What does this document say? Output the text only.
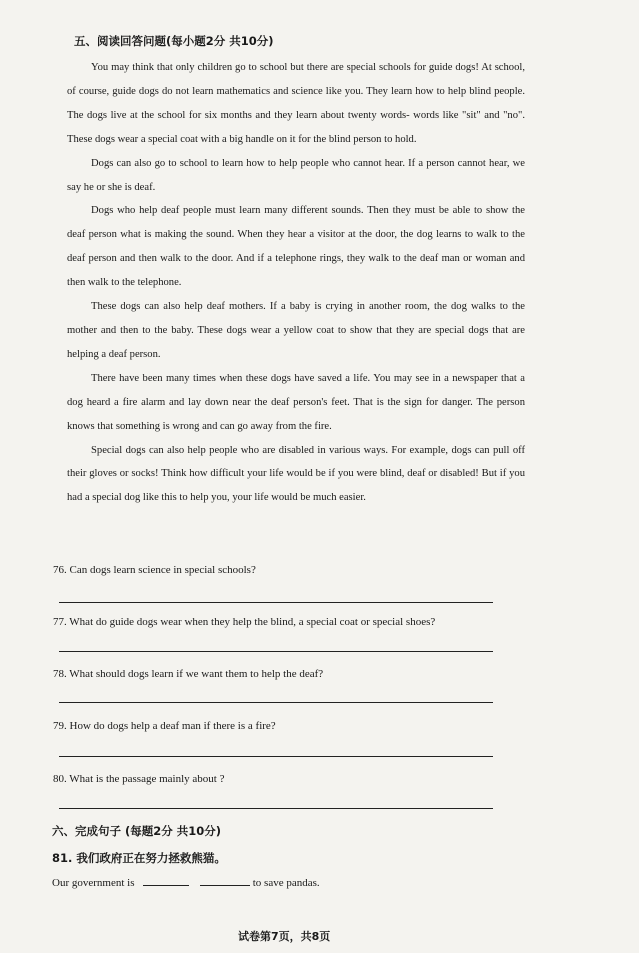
五、阅读回答问题(每小题2分 共10分)

You may think that only children go to school but there are special schools for guide dogs! At school, of course, guide dogs do not learn mathematics and science like you. They learn how to help blind people. The dogs live at the school for six months and they learn about twenty words- words like "sit" and "no". These dogs wear a special coat with a big handle on it for the blind person to hold.

Dogs can also go to school to learn how to help people who cannot hear. If a person cannot hear, we say he or she is deaf.

Dogs who help deaf people must learn many different sounds. Then they must be able to show the deaf person what is making the sound. When they hear a visitor at the door, the dog learns to walk to the deaf person and then walk to the door. And if a telephone rings, they walk to the deaf man or woman and then walk to the telephone.

These dogs can also help deaf mothers. If a baby is crying in another room, the dog walks to the mother and then to the baby. These dogs wear a yellow coat to show that they are special dogs that are helping a deaf person.

There have been many times when these dogs have saved a life. You may see in a newspaper that a dog heard a fire alarm and lay down near the deaf person's feet. That is the sign for danger. The person knows that something is wrong and can go away from the fire.

Special dogs can also help people who are disabled in various ways. For example, dogs can pull off their gloves or socks! Think how difficult your life would be if you were blind, deaf or disabled! But if you had a special dog like this to help you, your life would be much easier.

76. Can dogs learn science in special schools?
77. What do guide dogs wear when they help the blind, a special coat or special shoes?
78. What should dogs learn if we want them to help the deaf?
79. How do dogs help a deaf man if there is a fire?
80. What is the passage mainly about ?
六、完成句子 (每题2分 共10分)
81. 我们政府正在努力拯救熊猫。
Our government is	to save pandas.
试卷第7页，共8页
